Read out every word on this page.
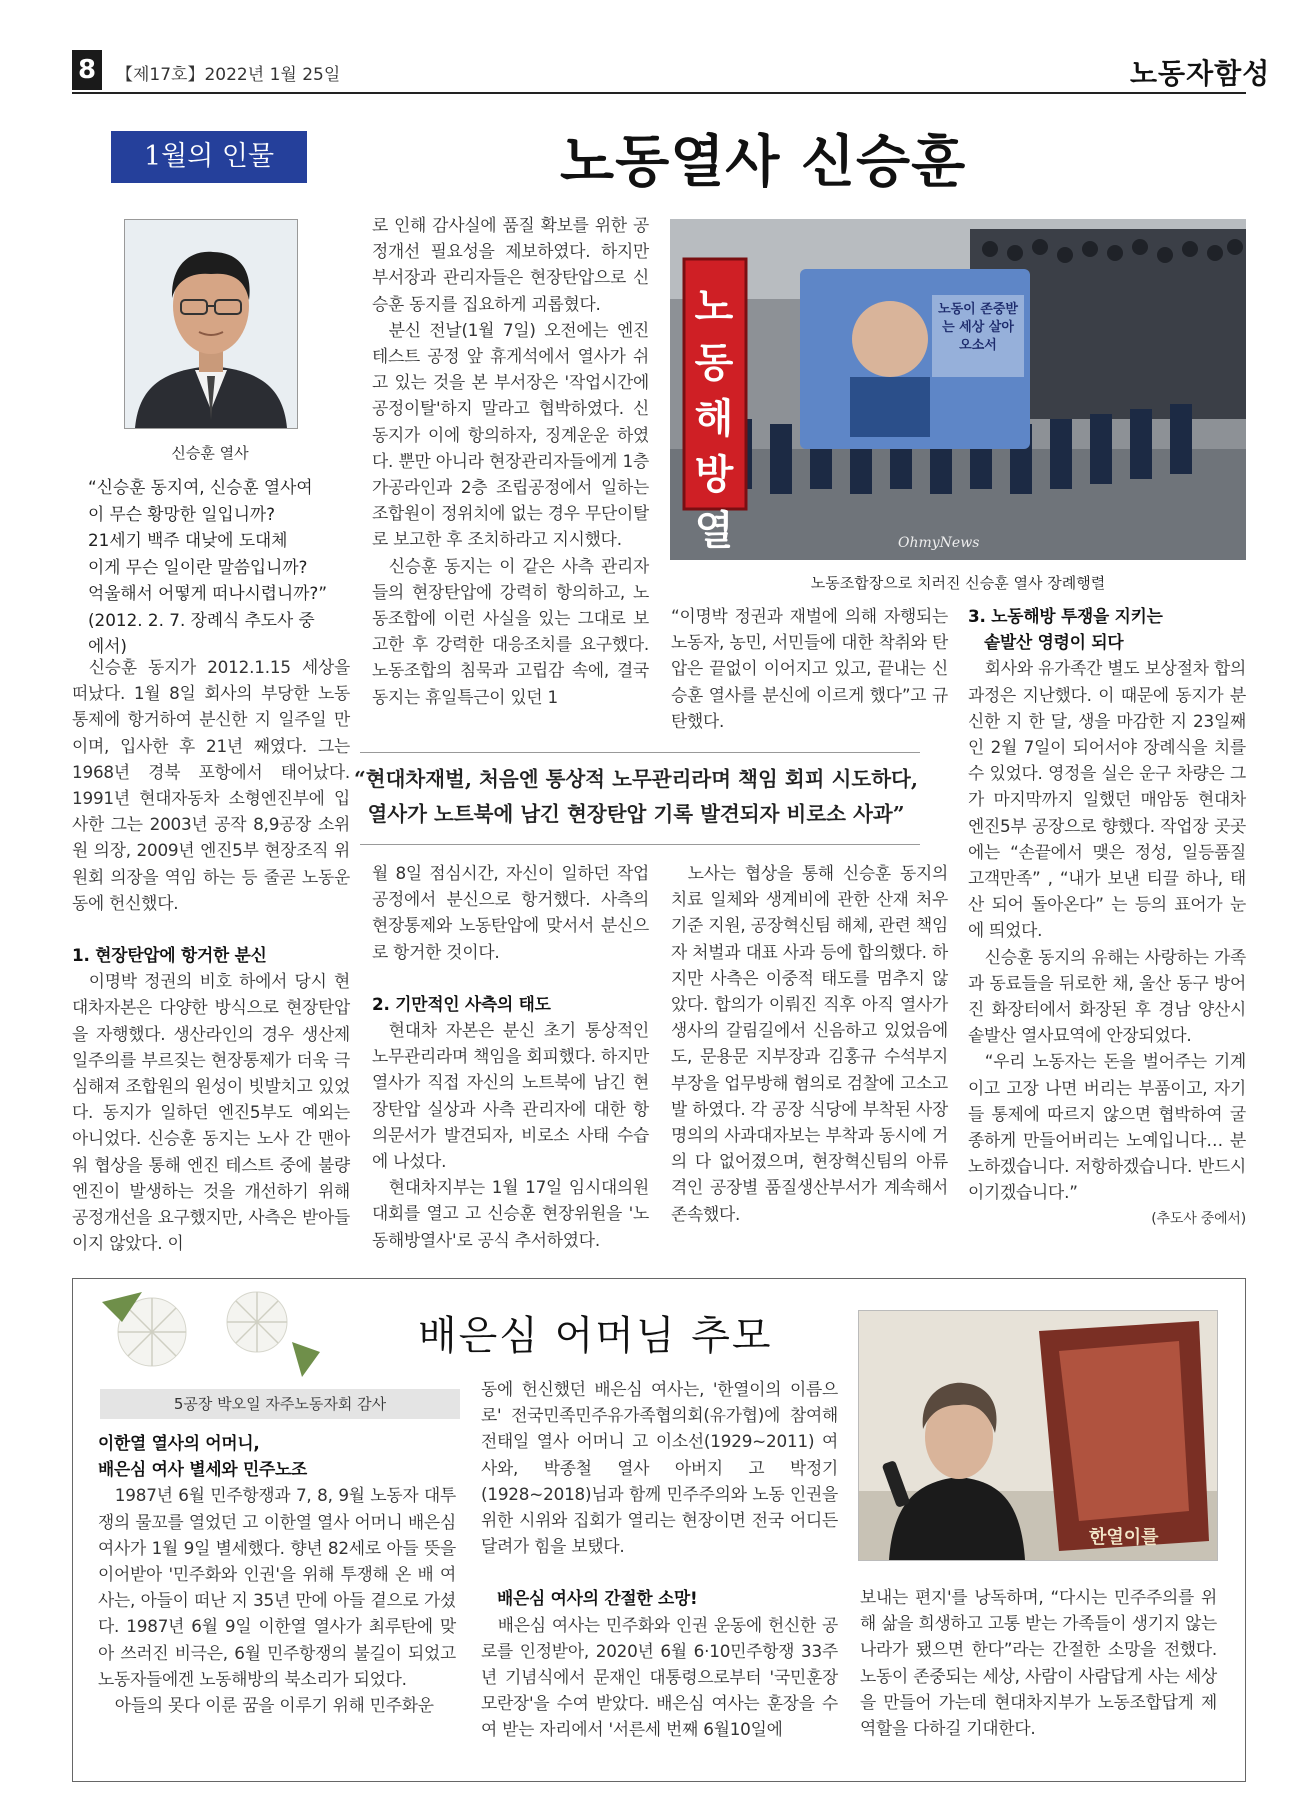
8	【제17호】2022년 1월 25일	노동자함성
1월의 인물	노동열사 신승훈
신승훈 열사
“신승훈 동지여, 신승훈 열사여
이 무슨 황망한 일입니까?
21세기 백주 대낮에 도대체
이게 무슨 일이란 말씀입니까?
억울해서 어떻게 떠나시렵니까?”
(2012. 2. 7. 장례식 추도사 중에서)
노동해방열
노동이 존중받는 세상 살아오소서
OhmyNews
노동조합장으로 치러진 신승훈 열사 장례행렬

신승훈 동지가 2012.1.15 세상을 떠났다. 1월 8일 회사의 부당한 노동 통제에 항거하여 분신한 지 일주일 만이며, 입사한 후 21년 째였다. 그는 1968년 경북 포항에서 태어났다. 1991년 현대자동차 소형엔진부에 입사한 그는 2003년 공작 8,9공장 소위원 의장, 2009년 엔진5부 현장조직 위원회 의장을 역임 하는 등 줄곧 노동운동에 헌신했다.

1. 현장탄압에 항거한 분신

이명박 정권의 비호 하에서 당시 현대차자본은 다양한 방식으로 현장탄압을 자행했다. 생산라인의 경우 생산제일주의를 부르짖는 현장통제가 더욱 극심해져 조합원의 원성이 빗발치고 있었다. 동지가 일하던 엔진5부도 예외는 아니었다. 신승훈 동지는 노사 간 맨아워 협상을 통해 엔진 테스트 중에 불량엔진이 발생하는 것을 개선하기 위해 공정개선을 요구했지만, 사측은 받아들이지 않았다. 이

로 인해 감사실에 품질 확보를 위한 공정개선 필요성을 제보하였다. 하지만 부서장과 관리자들은 현장탄압으로 신승훈 동지를 집요하게 괴롭혔다.

분신 전날(1월 7일) 오전에는 엔진 테스트 공정 앞 휴게석에서 열사가 쉬고 있는 것을 본 부서장은 '작업시간에 공정이탈'하지 말라고 협박하였다. 신 동지가 이에 항의하자, 징계운운 하였다. 뿐만 아니라 현장관리자들에게 1층 가공라인과 2층 조립공정에서 일하는 조합원이 정위치에 없는 경우 무단이탈로 보고한 후 조치하라고 지시했다.

신승훈 동지는 이 같은 사측 관리자들의 현장탄압에 강력히 항의하고, 노동조합에 이런 사실을 있는 그대로 보고한 후 강력한 대응조치를 요구했다. 노동조합의 침묵과 고립감 속에, 결국 동지는 휴일특근이 있던 1

“이명박 정권과 재벌에 의해 자행되는 노동자, 농민, 서민들에 대한 착취와 탄압은 끝없이 이어지고 있고, 끝내는 신승훈 열사를 분신에 이르게 했다”고 규탄했다.

3. 노동해방 투쟁을 지키는
솥발산 영령이 되다

회사와 유가족간 별도 보상절차 합의과정은 지난했다. 이 때문에 동지가 분신한 지 한 달, 생을 마감한 지 23일째인 2월 7일이 되어서야 장례식을 치를 수 있었다. 영정을 실은 운구 차량은 그가 마지막까지 일했던 매암동 현대차 엔진5부 공장으로 향했다. 작업장 곳곳에는 “손끝에서 맺은 정성, 일등품질 고객만족” , “내가 보낸 티끌 하나, 태산 되어 돌아온다” 는 등의 표어가 눈에 띄었다.

신승훈 동지의 유해는 사랑하는 가족과 동료들을 뒤로한 채, 울산 동구 방어진 화장터에서 화장된 후 경남 양산시 솥발산 열사묘역에 안장되었다.

“우리 노동자는 돈을 벌어주는 기계이고 고장 나면 버리는 부품이고, 자기들 통제에 따르지 않으면 협박하여 굴종하게 만들어버리는 노예입니다… 분노하겠습니다. 저항하겠습니다. 반드시 이기겠습니다.”

(추도사 중에서)
“현대차재벌, 처음엔 통상적 노무관리라며 책임 회피 시도하다,
열사가 노트북에 남긴 현장탄압 기록 발견되자 비로소 사과”

월 8일 점심시간, 자신이 일하던 작업공정에서 분신으로 항거했다. 사측의 현장통제와 노동탄압에 맞서서 분신으로 항거한 것이다.

2. 기만적인 사측의 태도

현대차 자본은 분신 초기 통상적인 노무관리라며 책임을 회피했다. 하지만 열사가 직접 자신의 노트북에 남긴 현장탄압 실상과 사측 관리자에 대한 항의문서가 발견되자, 비로소 사태 수습에 나섰다.

현대차지부는 1월 17일 임시대의원대회를 열고 고 신승훈 현장위원을 '노동해방열사'로 공식 추서하였다.

노사는 협상을 통해 신승훈 동지의 치료 일체와 생계비에 관한 산재 처우 기준 지원, 공장혁신팀 해체, 관련 책임자 처벌과 대표 사과 등에 합의했다. 하지만 사측은 이중적 태도를 멈추지 않았다. 합의가 이뤄진 직후 아직 열사가 생사의 갈림길에서 신음하고 있었음에도, 문용문 지부장과 김홍규 수석부지부장을 업무방해 혐의로 검찰에 고소고발 하였다. 각 공장 식당에 부착된 사장 명의의 사과대자보는 부착과 동시에 거의 다 없어졌으며, 현장혁신팀의 아류격인 공장별 품질생산부서가 계속해서 존속했다.

배은심 어머님 추모
5공장 박오일 자주노동자회 감사
한열이를
이한열 열사의 어머니,
배은심 여사 별세와 민주노조

1987년 6월 민주항쟁과 7, 8, 9월 노동자 대투쟁의 물꼬를 열었던 고 이한열 열사 어머니 배은심 여사가 1월 9일 별세했다. 향년 82세로 아들 뜻을 이어받아 '민주화와 인권'을 위해 투쟁해 온 배 여사는, 아들이 떠난 지 35년 만에 아들 곁으로 가셨다. 1987년 6월 9일 이한열 열사가 최루탄에 맞아 쓰러진 비극은, 6월 민주항쟁의 불길이 되었고 노동자들에겐 노동해방의 북소리가 되었다.

아들의 못다 이룬 꿈을 이루기 위해 민주화운

동에 헌신했던 배은심 여사는, '한열이의 이름으로' 전국민족민주유가족협의회(유가협)에 참여해 전태일 열사 어머니 고 이소선(1929~2011) 여사와, 박종철 열사 아버지 고 박정기(1928~2018)님과 함께 민주주의와 노동 인권을 위한 시위와 집회가 열리는 현장이면 전국 어디든 달려가 힘을 보탰다.

배은심 여사의 간절한 소망!

배은심 여사는 민주화와 인권 운동에 헌신한 공로를 인정받아, 2020년 6월 6·10민주항쟁 33주년 기념식에서 문재인 대통령으로부터 '국민훈장 모란장'을 수여 받았다. 배은심 여사는 훈장을 수여 받는 자리에서 '서른세 번째 6월10일에

보내는 편지'를 낭독하며, “다시는 민주주의를 위해 삶을 희생하고 고통 받는 가족들이 생기지 않는 나라가 됐으면 한다”라는 간절한 소망을 전했다. 노동이 존중되는 세상, 사람이 사람답게 사는 세상을 만들어 가는데 현대차지부가 노동조합답게 제 역할을 다하길 기대한다.
